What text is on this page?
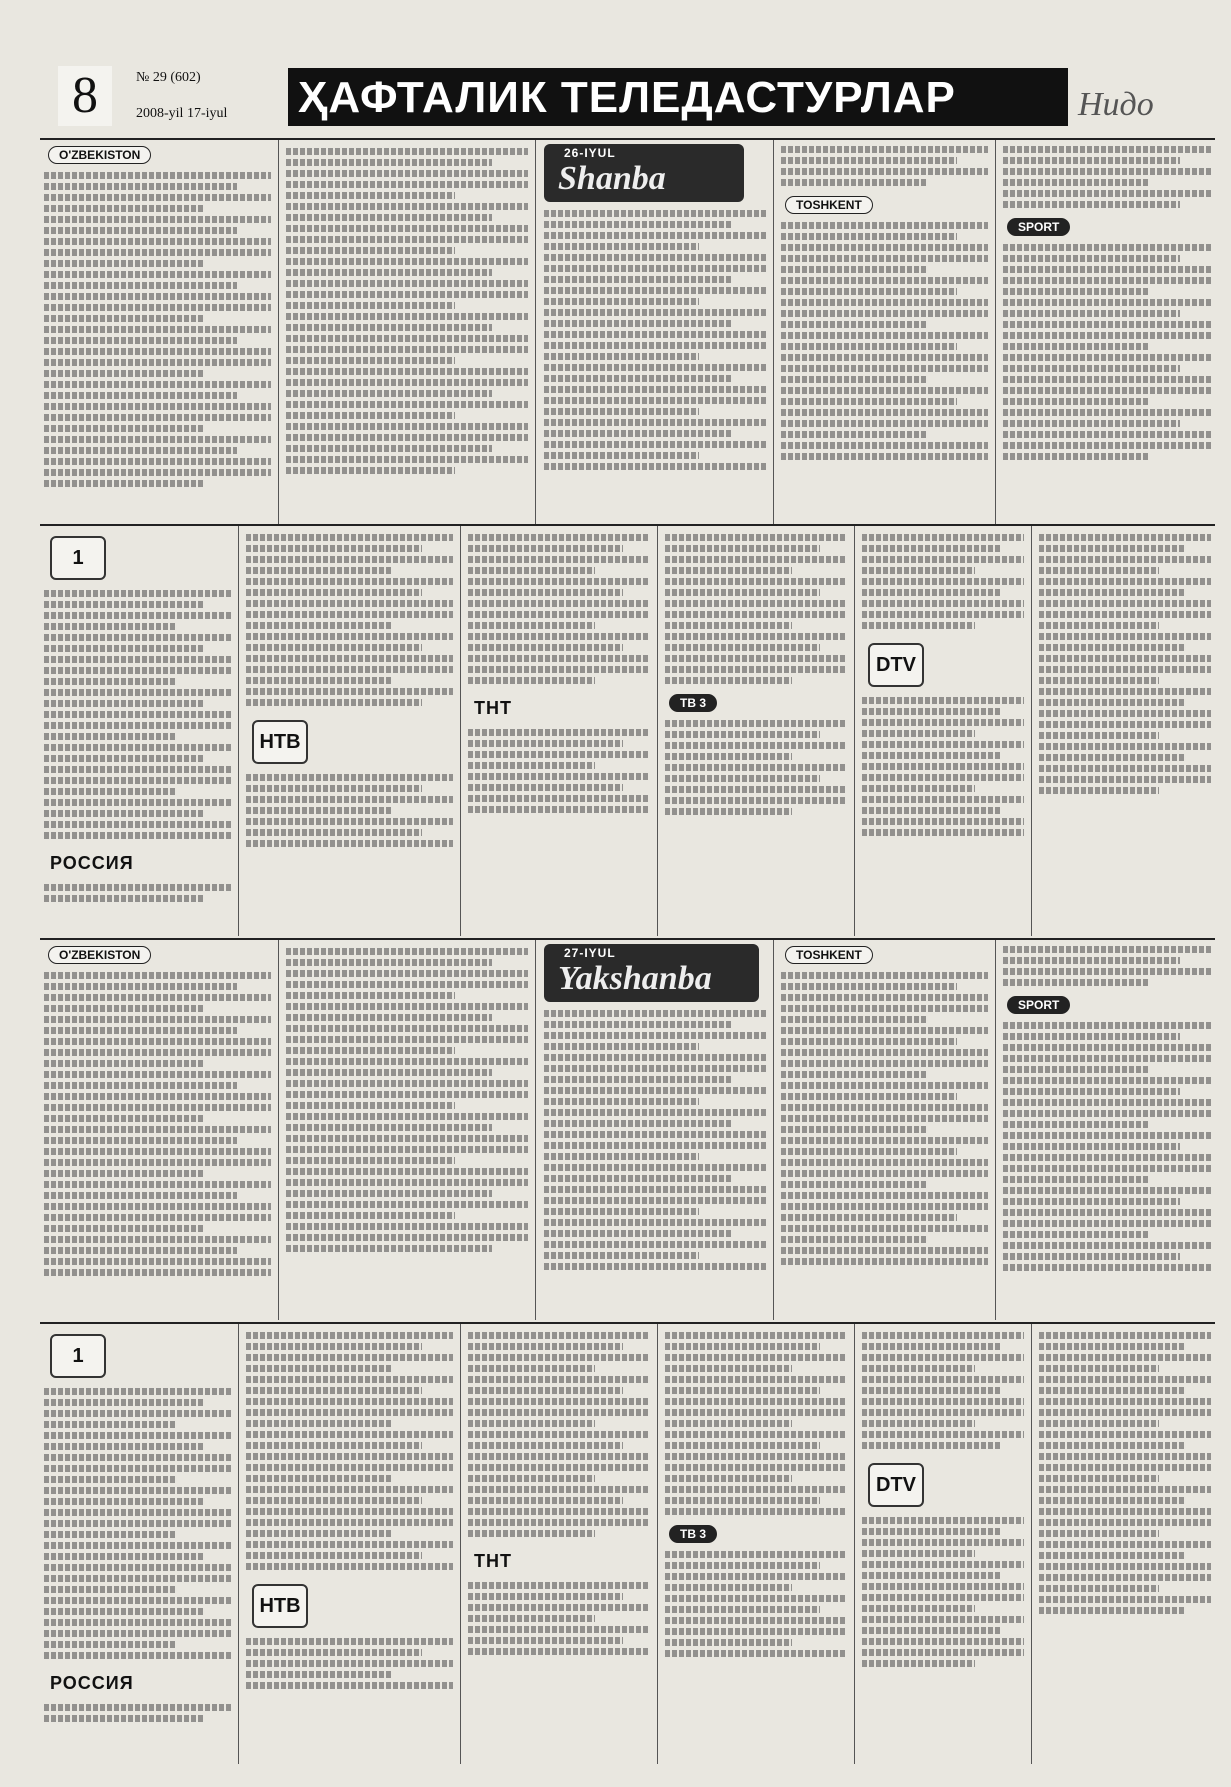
8	№ 29 (602)
2008-yil 17-iyul ҲАФТАЛИК ТЕЛЕДАСТУРЛАР	Нидо
O'ZBEKISTON	26-IYUL
Shanba
TOSHKENT
SPORT
1
РОССИЯ
НТВ
ТНТ	ТВ 3
DTV
O'ZBEKISTON	27-IYUL
Yakshanba
TOSHKENT
SPORT
1
РОССИЯ
НТВ
ТНТ
ТВ 3
DTV
